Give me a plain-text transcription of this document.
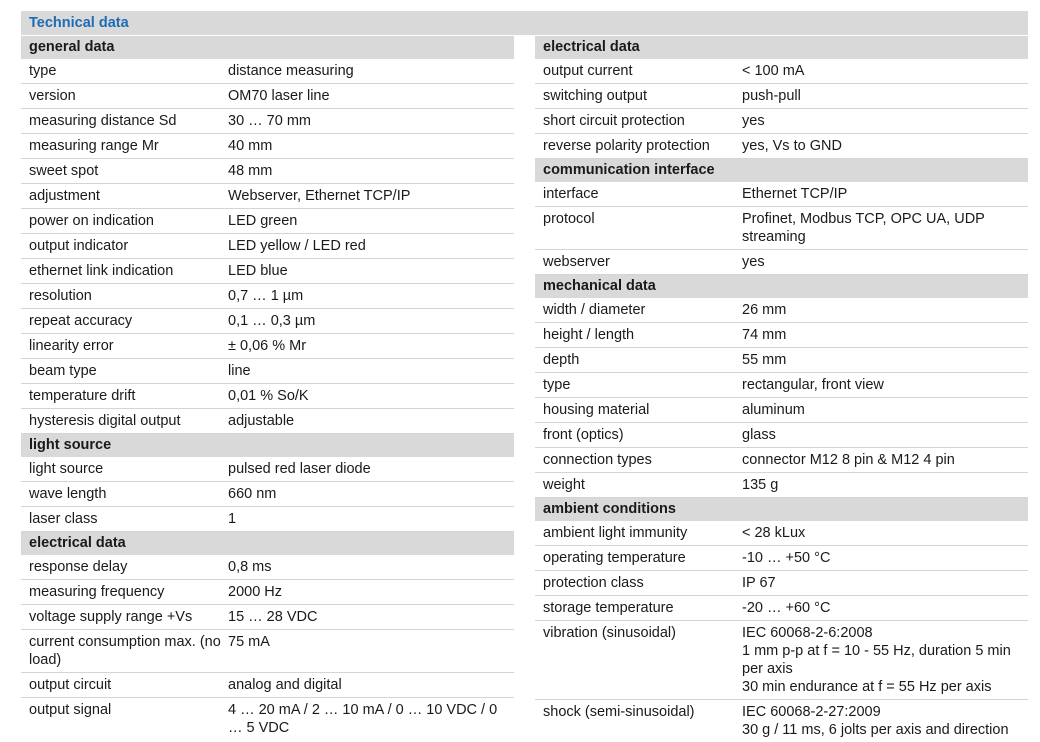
Technical data
general data
type	distance measuring
version	OM70 laser line
measuring distance Sd	30 … 70 mm
measuring range Mr	40 mm
sweet spot	48 mm
adjustment	Webserver, Ethernet TCP/IP
power on indication	LED green
output indicator	LED yellow / LED red
ethernet link indication	LED blue
resolution	0,7 … 1 µm
repeat accuracy	0,1 … 0,3 µm
linearity error	± 0,06 % Mr
beam type	line
temperature drift	0,01 % So/K
hysteresis digital output	adjustable
light source
light source	pulsed red laser diode
wave length	660 nm
laser class	1
electrical data
response delay	0,8 ms
measuring frequency	2000 Hz
voltage supply range +Vs	15 … 28 VDC
current consumption max. (no load)
75 mA
output circuit	analog and digital
output signal	4 … 20 mA / 2 … 10 mA / 0 … 10 VDC / 0 … 5 VDC
electrical data
output current	< 100 mA
switching output	push-pull
short circuit protection	yes
reverse polarity protection	yes, Vs to GND
communication interface
interface	Ethernet TCP/IP
protocol	Profinet, Modbus TCP, OPC UA, UDP streaming
webserver	yes
mechanical data
width / diameter	26 mm
height / length	74 mm
depth	55 mm
type	rectangular, front view
housing material	aluminum
front (optics)	glass
connection types	connector M12 8 pin & M12 4 pin
weight	135 g
ambient conditions
ambient light immunity	< 28 kLux
operating temperature	-10 … +50 °C
protection class	IP 67
storage temperature	-20 … +60 °C
vibration (sinusoidal)	IEC 60068-2-6:2008
1 mm p-p at f = 10 - 55 Hz, duration 5 min per axis
30 min endurance at f = 55 Hz per axis
shock (semi-sinusoidal)	IEC 60068-2-27:2009
30 g / 11 ms, 6 jolts per axis and direction
